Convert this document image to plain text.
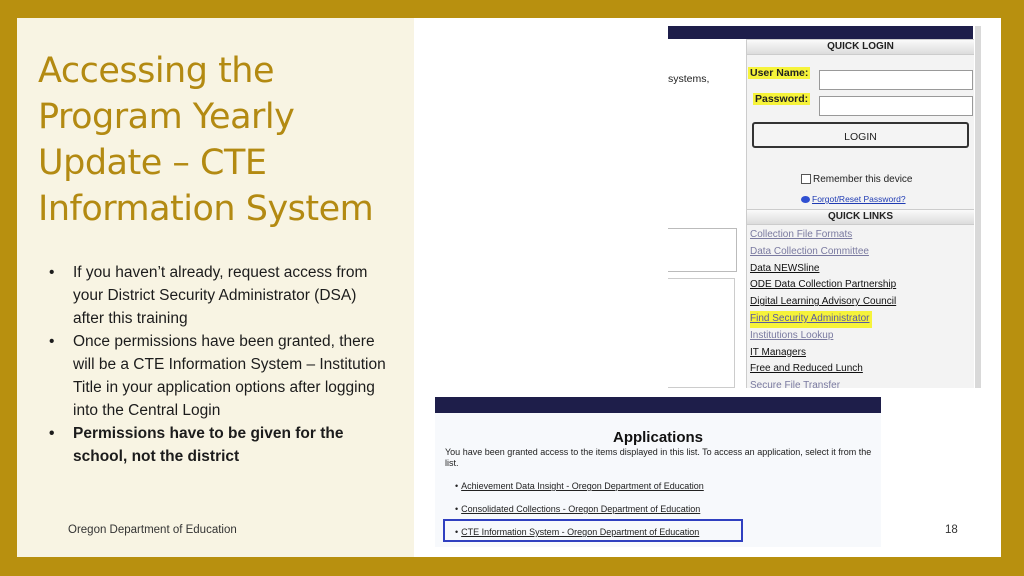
Accessing the
Program Yearly
Update – CTE
Information System
• If you haven’t already, request access from your District Security Administrator (DSA) after this training
• Once permissions have been granted, there will be a CTE Information System – Institution Title in your application options after logging into the Central Login
• Permissions have to be given for the school, not the district
Oregon Department of Education
systems,
QUICK LOGIN
User Name:
Password:
LOGIN
Remember this device
Forgot/Reset Password?
QUICK LINKS
Collection File Formats
Data Collection Committee
Data NEWSline
ODE Data Collection Partnership
Digital Learning Advisory Council
Find Security Administrator
Institutions Lookup
IT Managers
Free and Reduced Lunch
Secure File Transfer
Applications
You have been granted access to the items displayed in this list. To access an application, select it from the list.
• Achievement Data Insight - Oregon Department of Education
• Consolidated Collections - Oregon Department of Education
• CTE Information System - Oregon Department of Education	18
